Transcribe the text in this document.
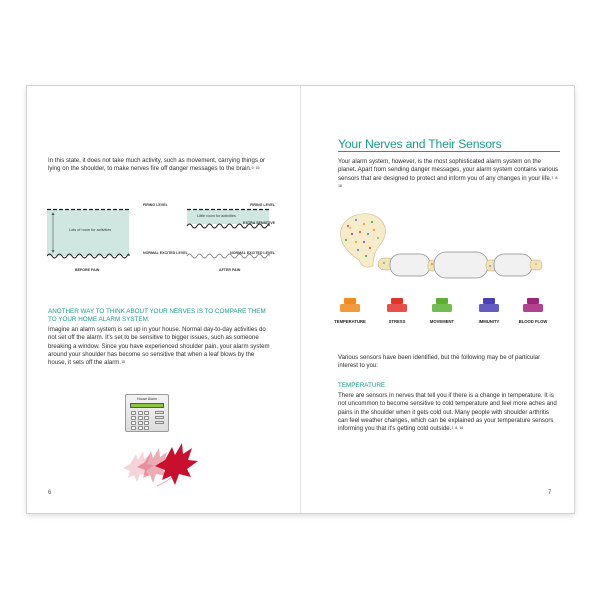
In this state, it does not take much activity, such as movement, carrying things or lying on the shoulder, to make nerves fire off danger messages to the brain.$^{9, 15}$

Lots of room for activities
BEFORE PAIN
FIRING LEVEL
NORMAL EXCITED LEVEL
Little room for activities
AFTER PAIN
FIRING LEVEL
EXTRA SENSITIVE
NORMAL EXCITED LEVEL

ANOTHER WAY TO THINK ABOUT YOUR NERVES IS TO COMPARE THEM TO YOUR HOME ALARM SYSTEM.

Imagine an alarm system is set up in your house. Normal day-to-day activities do not set off the alarm. It's set to be sensitive to bigger issues, such as someone breaking a window. Since you have experienced shoulder pain, your alarm system around your shoulder has become so sensitive that when a leaf blows by the house, it sets off the alarm.$^{15}$

House Alarm
6
Your Nerves and Their Sensors

Your alarm system, however, is the most sophisticated alarm system on the planet. Apart from sending danger messages, your alarm system contains various sensors that are designed to protect and inform you of any changes in your life.$^{7, 8, 16}$

TEMPERATURE	STRESS	MOVEMENT	IMMUNITY	BLOOD FLOW

Various sensors have been identified, but the following may be of particular interest to you:

TEMPERATURE

There are sensors in nerves that tell you if there is a change in temperature. It is not uncommon to become sensitive to cold temperature and feel more aches and pains in the shoulder when it gets cold out. Many people with shoulder arthritis can feel weather changes, which can be explained as your temperature sensors informing you that it's getting cold outside.$^{7, 8, 16}$

7
